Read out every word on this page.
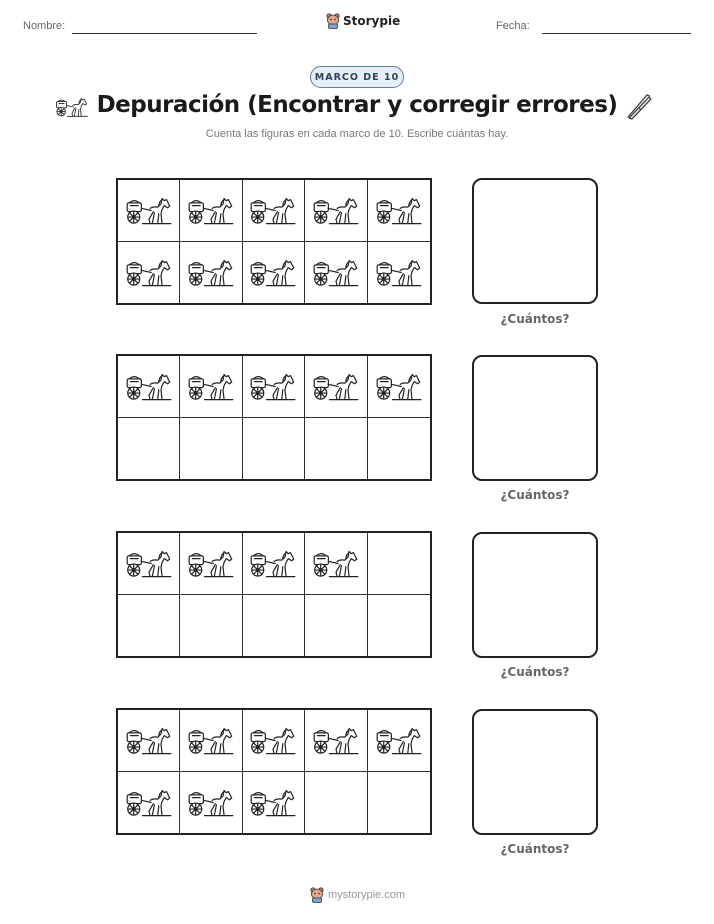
Nombre:	Storypie	Fecha:
MARCO DE 10
Depuración (Encontrar y corregir errores)
Cuenta las figuras en cada marco de 10. Escribe cuántas hay.
¿Cuántos?
¿Cuántos?
¿Cuántos?
¿Cuántos?
mystorypie.com
